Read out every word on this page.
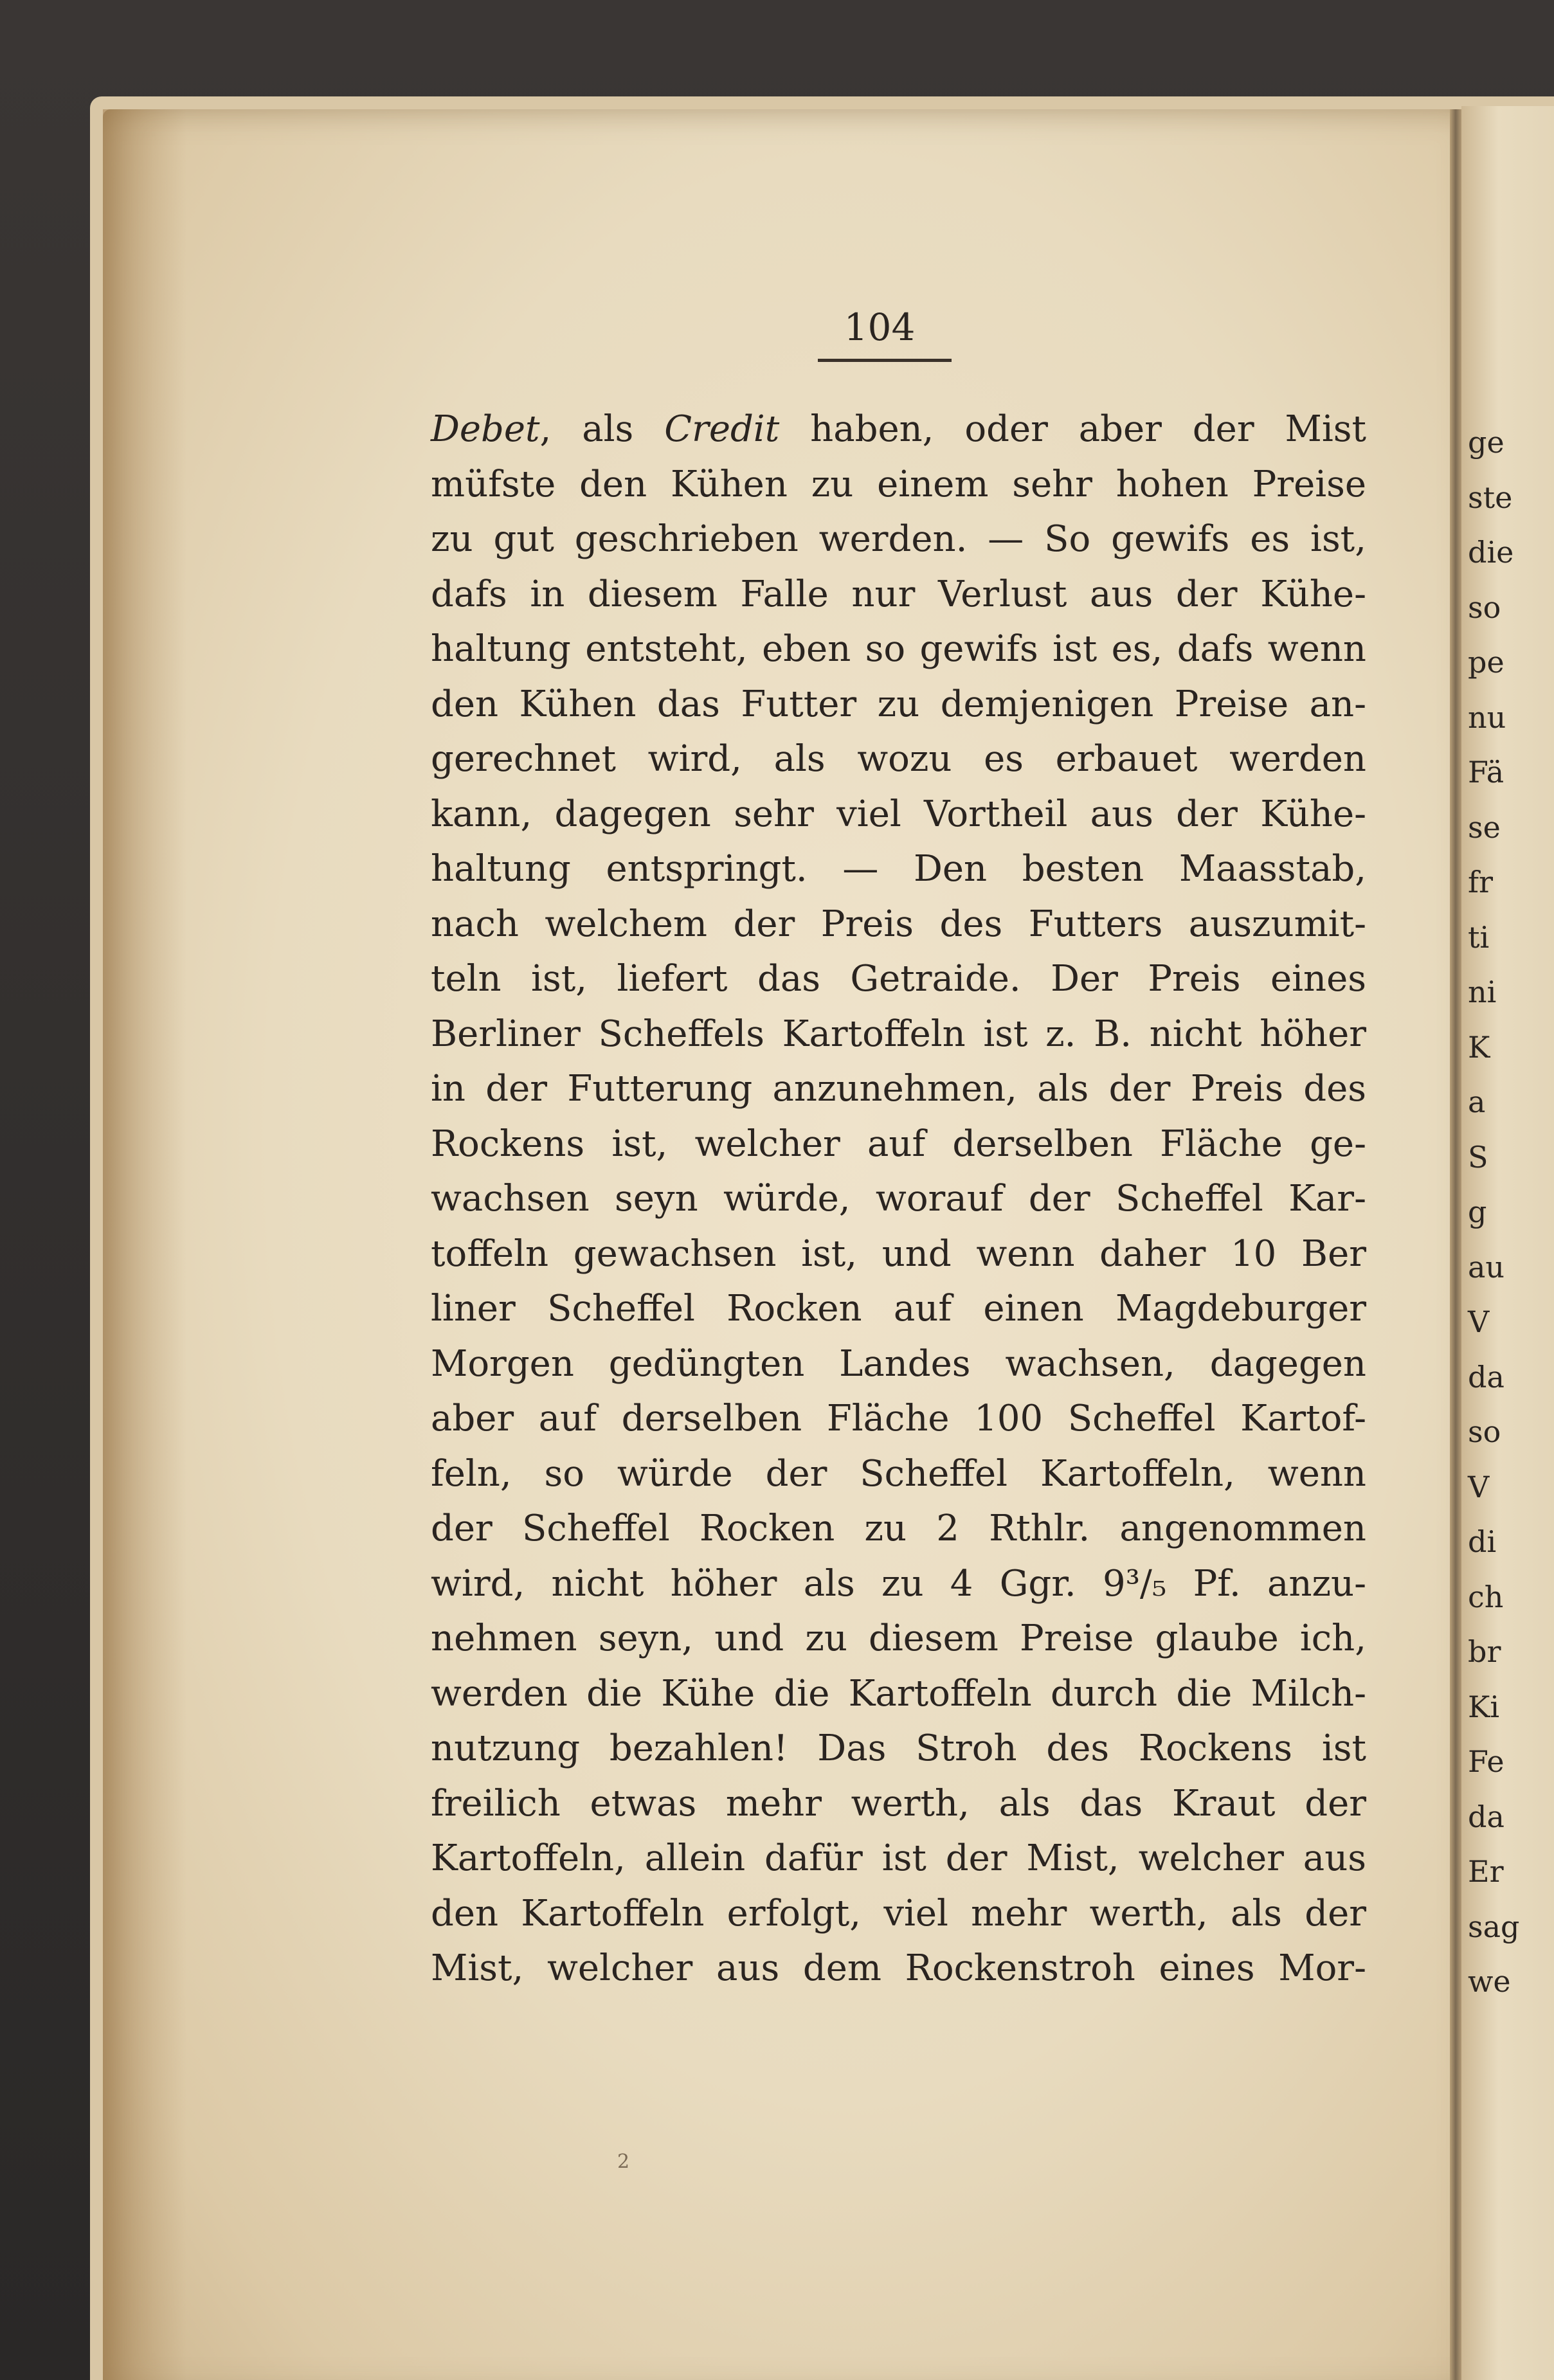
ge
ste
die
so
pe
nu
Fä
se
fr
ti
ni
K
a
S
g
au
V
da
so
V
di
ch
br
Ki
Fe
da
Er
sag
we
104
Debet, als Credit haben, oder aber der Mist
müfste den Kühen zu einem sehr hohen Preise
zu gut geschrieben werden. — So gewifs es ist,
dafs in diesem Falle nur Verlust aus der Kühe-
haltung entsteht, eben so gewifs ist es, dafs wenn
den Kühen das Futter zu demjenigen Preise an-
gerechnet wird, als wozu es erbauet werden
kann, dagegen sehr viel Vortheil aus der Kühe-
haltung entspringt. — Den besten Maasstab,
nach welchem der Preis des Futters auszumit-
teln ist, liefert das Getraide. Der Preis eines
Berliner Scheffels Kartoffeln ist z. B. nicht höher
in der Futterung anzunehmen, als der Preis des
Rockens ist, welcher auf derselben Fläche ge-
wachsen seyn würde, worauf der Scheffel Kar-
toffeln gewachsen ist, und wenn daher 10 Ber
liner Scheffel Rocken auf einen Magdeburger
Morgen gedüngten Landes wachsen, dagegen
aber auf derselben Fläche 100 Scheffel Kartof-
feln, so würde der Scheffel Kartoffeln, wenn
der Scheffel Rocken zu 2 Rthlr. angenommen
wird, nicht höher als zu 4 Ggr. 9³/₅ Pf. anzu-
nehmen seyn, und zu diesem Preise glaube ich,
werden die Kühe die Kartoffeln durch die Milch-
nutzung bezahlen! Das Stroh des Rockens ist
freilich etwas mehr werth, als das Kraut der
Kartoffeln, allein dafür ist der Mist, welcher aus
den Kartoffeln erfolgt, viel mehr werth, als der
Mist, welcher aus dem Rockenstroh eines Mor-
2
